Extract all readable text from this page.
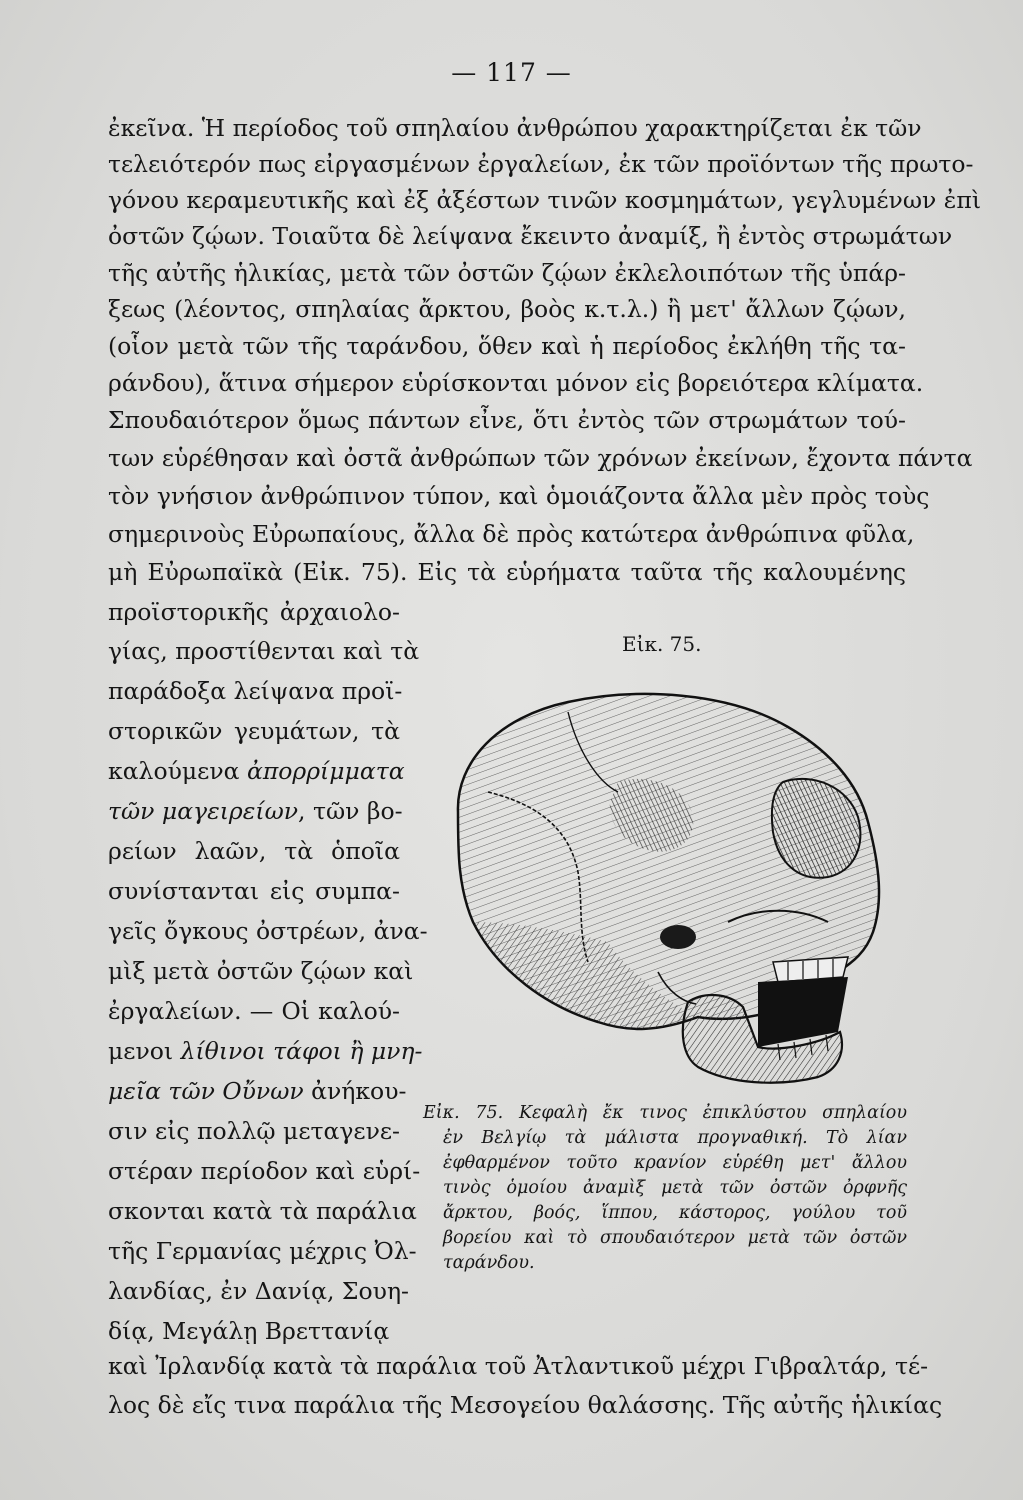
— 117 —
ἐκεῖνα. Ἡ περίοδος τοῦ σπηλαίου ἀνθρώπου χαρακτηρίζεται ἐκ τῶν
τελειότερόν πως εἰργασμένων ἐργαλείων, ἐκ τῶν προϊόντων τῆς πρωτο-
γόνου κεραμευτικῆς καὶ ἐξ ἀξέστων τινῶν κοσμημάτων, γεγλυμένων ἐπὶ
ὀστῶν ζῴων. Τοιαῦτα δὲ λείψανα ἔκειντο ἀναμίξ, ἢ ἐντὸς στρωμάτων
τῆς αὐτῆς ἡλικίας, μετὰ τῶν ὀστῶν ζῴων ἐκλελοιπότων τῆς ὑπάρ-
ξεως (λέοντος, σπηλαίας ἄρκτου, βοὸς κ.τ.λ.) ἢ μετ' ἄλλων ζῴων,
(οἷον μετὰ τῶν τῆς ταράνδου, ὅθεν καὶ ἡ περίοδος ἐκλήθη τῆς τα-
ράνδου), ἅτινα σήμερον εὑρίσκονται μόνον εἰς βορειότερα κλίματα.
Σπουδαιότερον ὅμως πάντων εἶνε, ὅτι ἐντὸς τῶν στρωμάτων τού-
των εὑρέθησαν καὶ ὀστᾶ ἀνθρώπων τῶν χρόνων ἐκείνων, ἔχοντα πάντα
τὸν γνήσιον ἀνθρώπινον τύπον, καὶ ὁμοιάζοντα ἄλλα μὲν πρὸς τοὺς
σημερινοὺς Εὐρωπαίους, ἄλλα δὲ πρὸς κατώτερα ἀνθρώπινα φῦλα,
μὴ Εὐρωπαϊκὰ (Εἰκ. 75). Εἰς τὰ εὑρήματα ταῦτα τῆς καλουμένης
προϊστορικῆς ἀρχαιολο-
γίας, προστίθενται καὶ τὰ
παράδοξα λείψανα προϊ-
στορικῶν γευμάτων, τὰ
καλούμενα ἀπορρίμματα
τῶν μαγειρείων, τῶν βο-
ρείων λαῶν, τὰ ὁποῖα
συνίστανται εἰς συμπα-
γεῖς ὄγκους ὀστρέων, ἀνα-
μὶξ μετὰ ὀστῶν ζῴων καὶ
ἐργαλείων. — Οἱ καλού-
μενοι λίθινοι τάφοι ἢ μνη-
μεῖα τῶν Οὔνων ἀνήκου-
σιν εἰς πολλῷ μεταγενε-
στέραν περίοδον καὶ εὑρί-
σκονται κατὰ τὰ παράλια
τῆς Γερμανίας μέχρις Ὀλ-
λανδίας, ἐν Δανίᾳ, Σουη-
δίᾳ, Μεγάλῃ Βρεττανίᾳ
Εἰκ. 75.
Εἰκ. 75. Κεφαλὴ ἔκ τινος ἐπικλύστου σπηλαίου
ἐν Βελγίῳ τὰ μάλιστα προγναθική. Τὸ λίαν
ἐφθαρμένον τοῦτο κρανίον εὑρέθη μετ' ἄλλου
τινὸς ὁμοίου ἀναμὶξ μετὰ τῶν ὀστῶν ὀρφνῆς
ἄρκτου, βοός, ἵππου, κάστορος, γούλου τοῦ
βορείου καὶ τὸ σπουδαιότερον μετὰ τῶν ὀστῶν
ταράνδου.
καὶ Ἰρλανδίᾳ κατὰ τὰ παράλια τοῦ Ἀτλαντικοῦ μέχρι Γιβραλτάρ, τέ-
λος δὲ εἴς τινα παράλια τῆς Μεσογείου θαλάσσης. Τῆς αὐτῆς ἡλικίας
